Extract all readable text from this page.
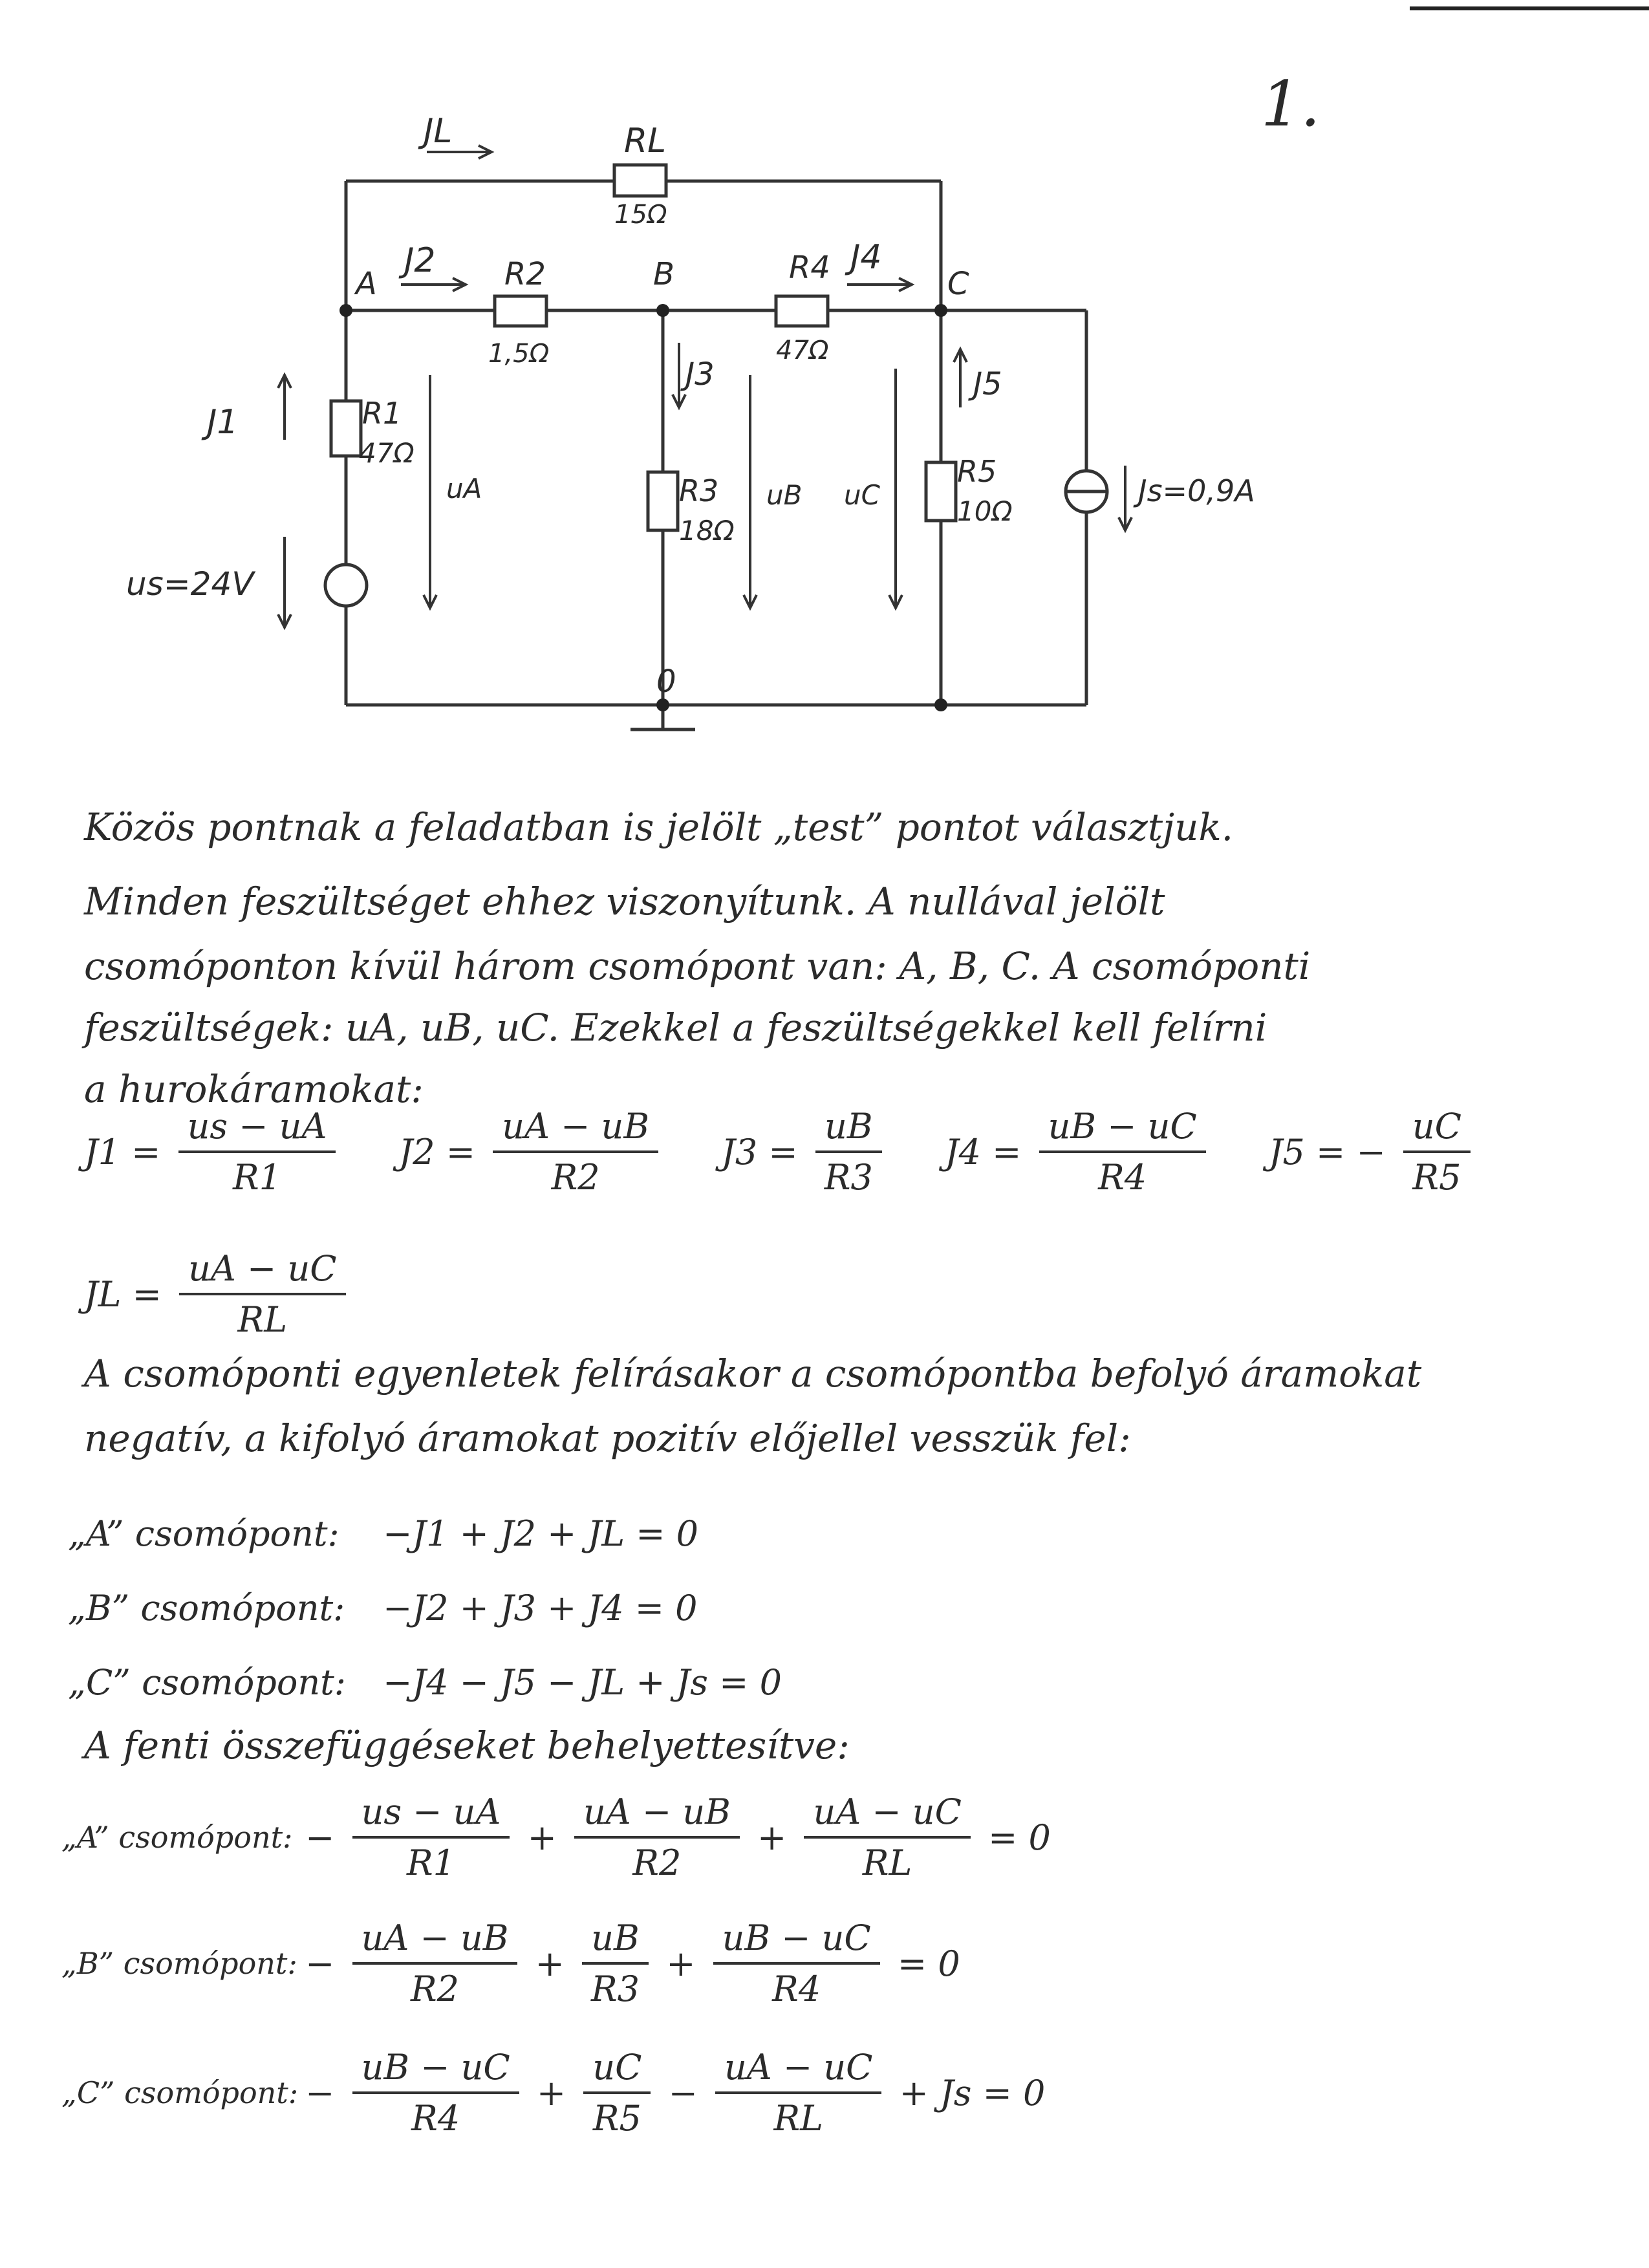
1.
JL	RL
15Ω
J2 R2
1,5Ω
R4 J4
47Ω
A	B	C
0
J1	R1
47Ω
uA
J3
R3
18Ω
uB uC
J5
R5
10Ω
Js=0,9A
us=24V
Közös pontnak a feladatban is jelölt „test” pontot választjuk.
Minden feszültséget ehhez viszonyítunk. A nullával jelölt
csomóponton kívül három csomópont van: A, B, C. A csomóponti
feszültségek: uA, uB, uC. Ezekkel a feszültségekkel kell felírni
a hurokáramokat:
$J1 = \frac{us - uA}{R1} J2 = \frac{uA - uB}{R2} J3 = \frac{uB}{R3} J4 = \frac{uB - uC}{R4} J5$ = − $\frac{uC}{R5}$
JL = $\frac{uA - uC}{RL}$
A csomóponti egyenletek felírásakor a csomópontba befolyó áramokat
negatív, a kifolyó áramokat pozitív előjellel vesszük fel:
„A” csomópont: −J1 + J2 + JL = 0
„B” csomópont: −J2 + J3 + J4 = 0
„C” csomópont: −J4 − J5 − JL + Js = 0
A fenti összefüggéseket behelyettesítve:
„A” csomópont: − $\frac{us - uA}{R1} + \frac{uA - uB}{R2} + \frac{uA - uC}{RL} = 0$
„B” csomópont: − $\frac{uA - uB}{R2} + \frac{uB}{R3} + \frac{uB - uC}{R4} = 0$
„C” csomópont: − $\frac{uB - uC}{R4} + \frac{uC}{R5} - \frac{uA - uC}{RL} + Js = 0$
